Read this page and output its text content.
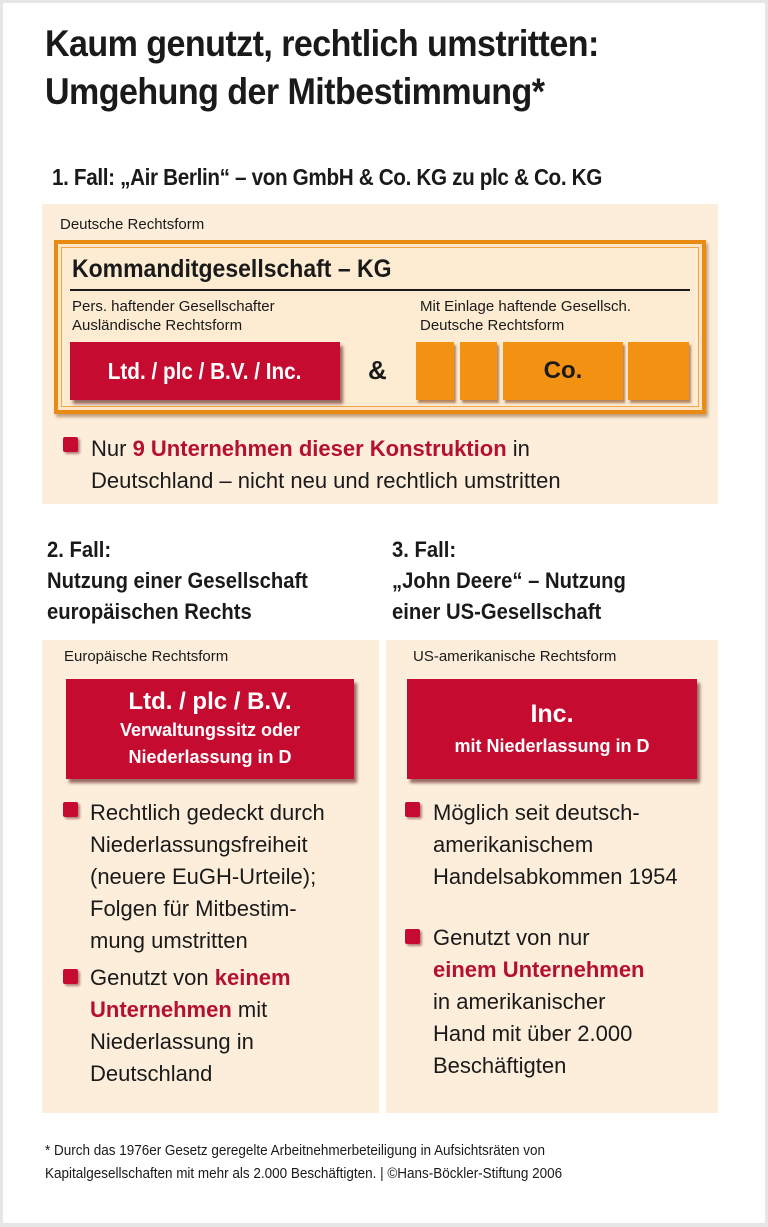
Kaum genutzt, rechtlich umstritten:
Umgehung der Mitbestimmung*
1. Fall: „Air Berlin“ – von GmbH & Co. KG zu plc & Co. KG
Deutsche Rechtsform
Kommanditgesellschaft – KG
Pers. haftender Gesellschafter
Ausländische Rechtsform
Mit Einlage haftende Gesellsch.
Deutsche Rechtsform
Ltd. / plc / B.V. / Inc.	&	Co.
Nur 9 Unternehmen dieser Konstruktion in
Deutschland – nicht neu und rechtlich umstritten
2. Fall:
Nutzung einer Gesellschaft
europäischen Rechts
3. Fall:
„John Deere“ – Nutzung
einer US-Gesellschaft
Europäische Rechtsform
Ltd. / plc / B.V.
Verwaltungssitz oder
Niederlassung in D
Rechtlich gedeckt durch
Niederlassungsfreiheit
(neuere EuGH-Urteile);
Folgen für Mitbestim-
mung umstritten
Genutzt von keinem
Unternehmen mit
Niederlassung in
Deutschland
US-amerikanische Rechtsform
Inc.
mit Niederlassung in D
Möglich seit deutsch-
amerikanischem
Handelsabkommen 1954
Genutzt von nur
einem Unternehmen
in amerikanischer
Hand mit über 2.000
Beschäftigten
* Durch das 1976er Gesetz geregelte Arbeitnehmerbeteiligung in Aufsichtsräten von
Kapitalgesellschaften mit mehr als 2.000 Beschäftigten. | ©Hans-Böckler-Stiftung 2006
